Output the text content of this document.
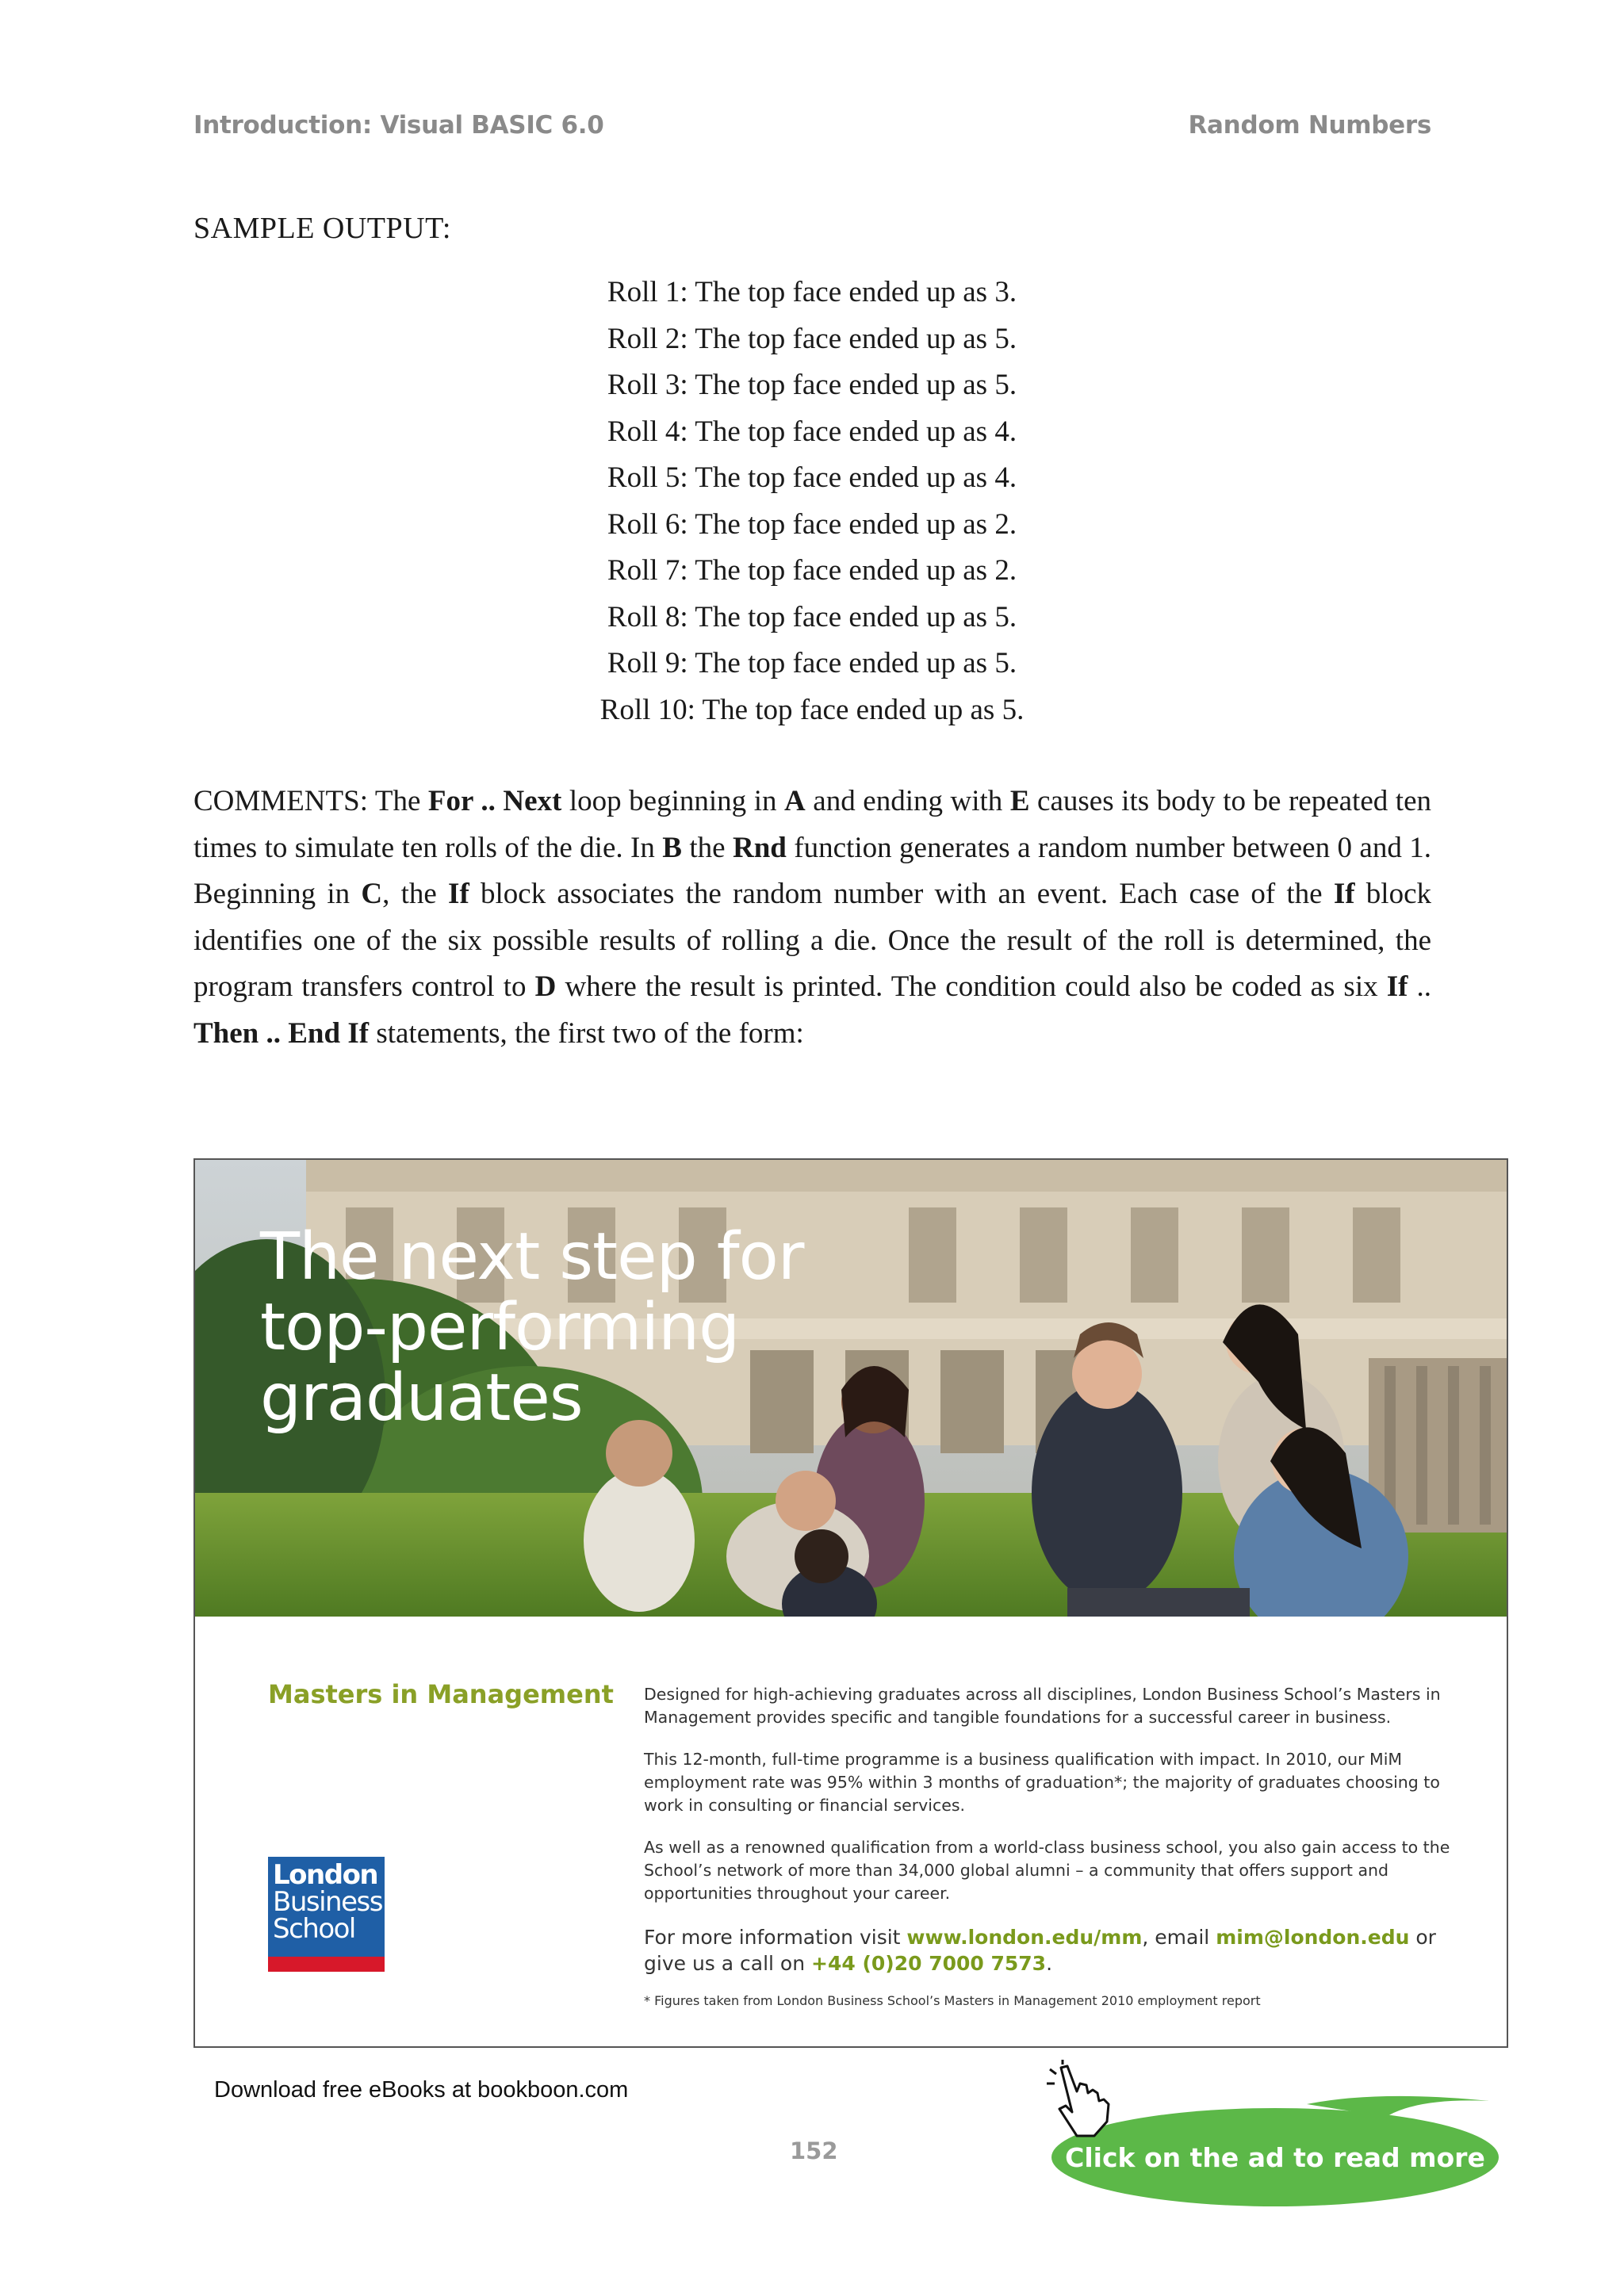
Introduction: Visual BASIC 6.0	Random Numbers
SAMPLE OUTPUT:
Roll 1: The top face ended up as 3.
Roll 2: The top face ended up as 5.
Roll 3: The top face ended up as 5.
Roll 4: The top face ended up as 4.
Roll 5: The top face ended up as 4.
Roll 6: The top face ended up as 2.
Roll 7: The top face ended up as 2.
Roll 8: The top face ended up as 5.
Roll 9: The top face ended up as 5.
Roll 10: The top face ended up as 5.

COMMENTS: The For .. Next loop beginning in A and ending with E causes its body to be repeated ten times to simulate ten rolls of the die. In B the Rnd function generates a random number between 0 and 1. Beginning in C, the If block associates the random number with an event. Each case of the If block identifies one of the six possible results of rolling a die. Once the result of the roll is determined, the program transfers control to D where the result is printed. The condition could also be coded as six If .. Then .. End If statements, the first two of the form:

The next step for
top-performing
graduates
Masters in Management
London
Business
School

Designed for high-achieving graduates across all disciplines, London Business School’s Masters in Management provides specific and tangible foundations for a successful career in business.

This 12-month, full-time programme is a business qualification with impact. In 2010, our MiM employment rate was 95% within 3 months of graduation*; the majority of graduates choosing to work in consulting or financial services.

As well as a renowned qualification from a world-class business school, you also gain access to the School’s network of more than 34,000 global alumni – a community that offers support and opportunities throughout your career.

For more information visit www.london.edu/mm, email mim@london.edu or give us a call on +44 (0)20 7000 7573.

* Figures taken from London Business School’s Masters in Management 2010 employment report

Download free eBooks at bookboon.com
152	Click on the ad to read more
